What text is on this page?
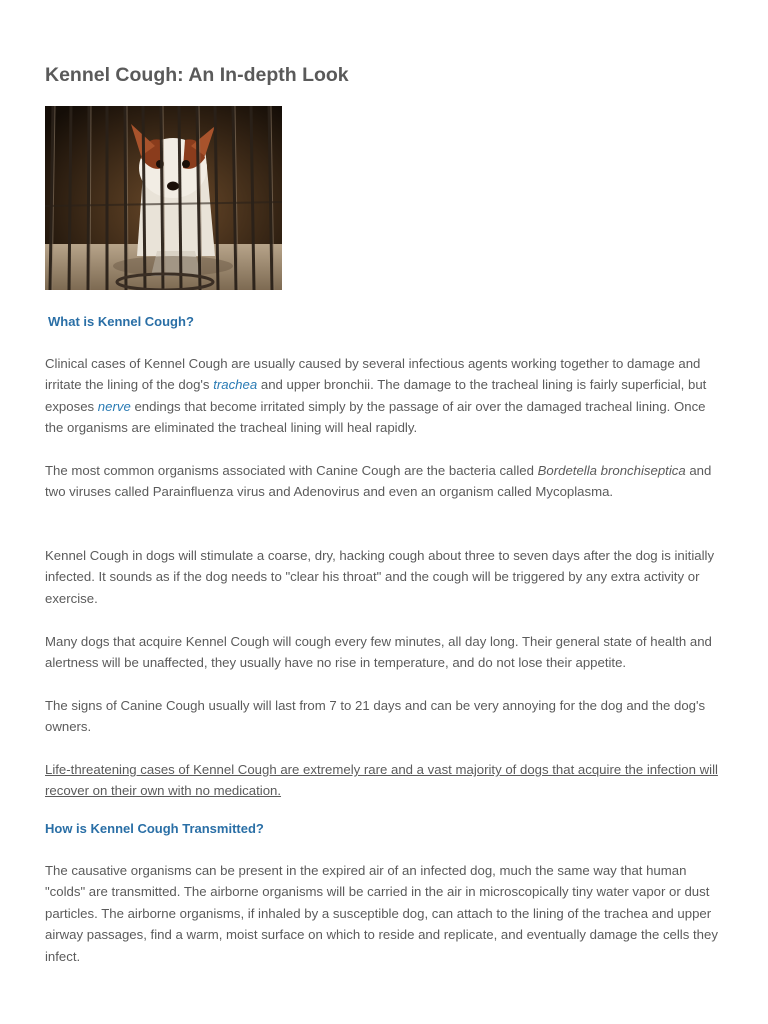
Kennel Cough: An In-depth Look
What is Kennel Cough?

Clinical cases of Kennel Cough are usually caused by several infectious agents working together to damage and irritate the lining of the dog's trachea and upper bronchii. The damage to the tracheal lining is fairly superficial, but exposes nerve endings that become irritated simply by the passage of air over the damaged tracheal lining. Once the organisms are eliminated the tracheal lining will heal rapidly.

The most common organisms associated with Canine Cough are the bacteria called Bordetella bronchiseptica and two viruses called Parainfluenza virus and Adenovirus and even an organism called Mycoplasma.

Kennel Cough in dogs will stimulate a coarse, dry, hacking cough about three to seven days after the dog is initially infected. It sounds as if the dog needs to "clear his throat" and the cough will be triggered by any extra activity or exercise.

Many dogs that acquire Kennel Cough will cough every few minutes, all day long. Their general state of health and alertness will be unaffected, they usually have no rise in temperature, and do not lose their appetite.

The signs of Canine Cough usually will last from 7 to 21 days and can be very annoying for the dog and the dog's owners.

Life-threatening cases of Kennel Cough are extremely rare and a vast majority of dogs that acquire the infection will recover on their own with no medication.

How is Kennel Cough Transmitted?

The causative organisms can be present in the expired air of an infected dog, much the same way that human "colds" are transmitted. The airborne organisms will be carried in the air in microscopically tiny water vapor or dust particles. The airborne organisms, if inhaled by a susceptible dog, can attach to the lining of the trachea and upper airway passages, find a warm, moist surface on which to reside and replicate, and eventually damage the cells they infect.
